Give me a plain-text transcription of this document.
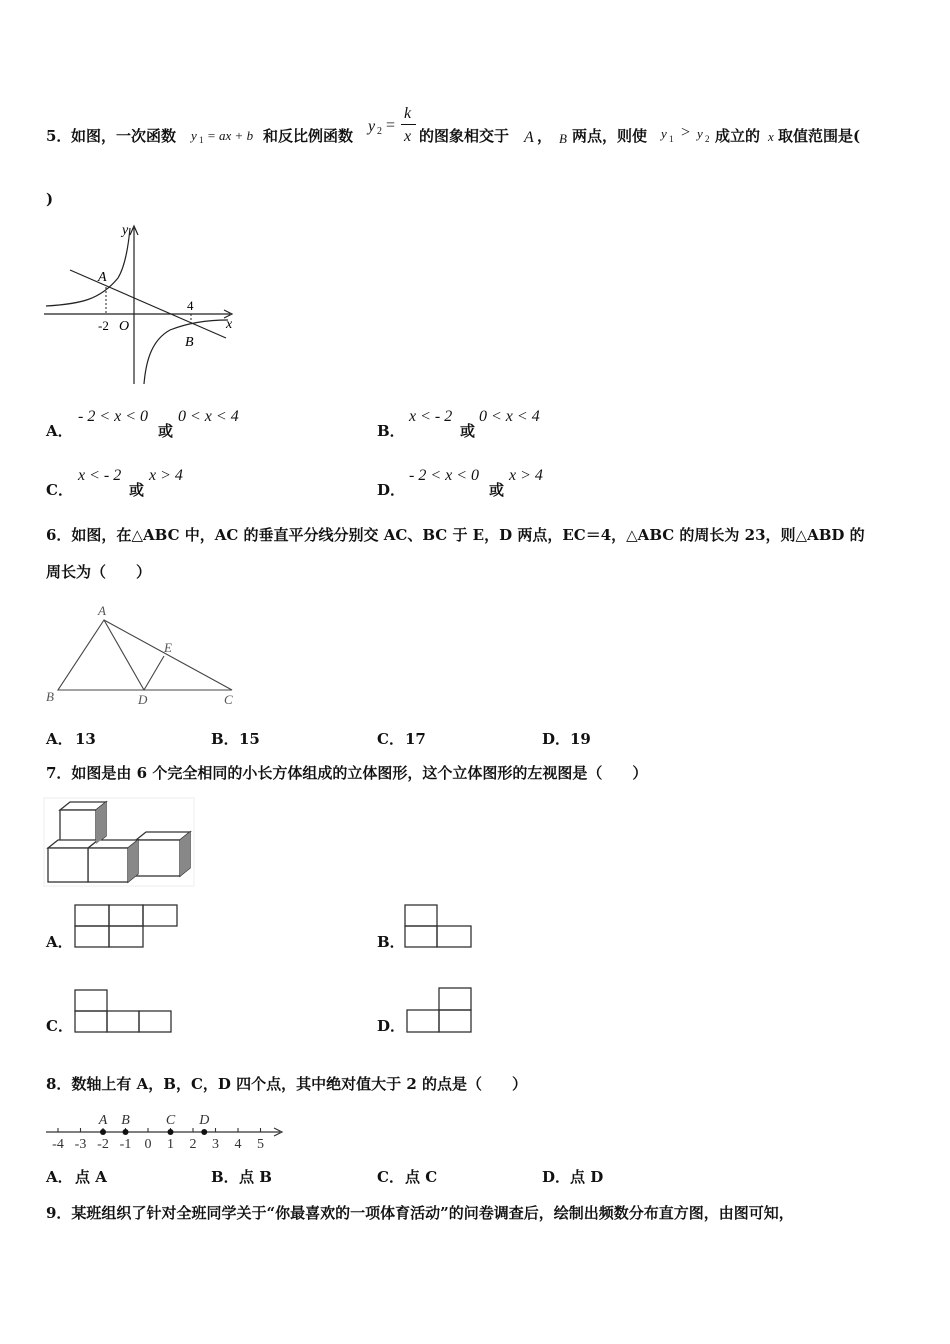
5． 如图，一次函数 y 1 = ax + b 和反比例函数
y 2 =
k
x 的图象相交于 A ， B 两点，则使 y 1 > y 2 成立的 x 取值范围是(
)
y
x
A
B
O
-2
4
A．
- 2 < x < 0
或
0 < x < 4
B．
x < - 2
或
0 < x < 4
C．
x < - 2
或
x > 4
D．
- 2 < x < 0
或
x > 4
6．如图，在△ABC 中，AC 的垂直平分线分别交 AC、BC 于 E，D 两点，EC＝4，△ABC 的周长为 23，则△ABD 的
周长为（　　）
A
B	C
D
E
A． 13	B． 15	C． 17	D． 19
7．如图是由 6 个完全相同的小长方体组成的立体图形，这个立体图形的左视图是（　　）
A．	B．
C．	D．
8．数轴上有 A，B，C，D 四个点，其中绝对值大于 2 的点是（　　）
-4 -3 -2 -1 0 1 2 3 4 5
A B	C D
A． 点 A	B． 点 B	C． 点 C	D． 点 D
9．某班组织了针对全班同学关于“你最喜欢的一项体育活动”的问卷调查后，绘制出频数分布直方图，由图可知，
